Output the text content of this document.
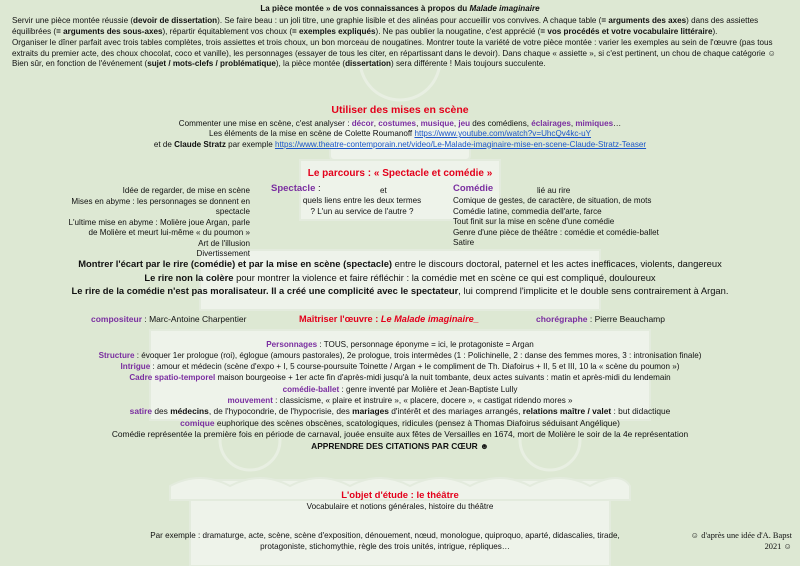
La pièce montée » de vos connaissances à propos du Malade imaginaire

Servir une pièce montée réussie (devoir de dissertation). Se faire beau : un joli titre, une graphie lisible et des alinéas pour accueillir vos convives. A chaque table (= arguments des axes) dans des assiettes équilibrées (= arguments des sous-axes), répartir équitablement vos choux (= exemples expliqués). Ne pas oublier la nougatine, c'est apprécié (= vos procédés et votre vocabulaire littéraire).

Organiser le dîner parfait avec trois tables complètes, trois assiettes et trois choux, un bon morceau de nougatines. Montrer toute la variété de votre pièce montée : varier les exemples au sein de l'œuvre (pas tous extraits du premier acte, des choux chocolat, coco et vanille), les personnages (essayer de tous les citer, en répartissant dans le devoir). Dans chaque « assiette », si c'est pertinent, un chou de chaque catégorie ☺ Bien sûr, en fonction de l'événement (sujet / mots-clefs / problématique), la pièce montée (dissertation) sera différente ! Mais toujours succulente.

Utiliser des mises en scène
Commenter une mise en scène, c'est analyser : décor, costumes, musique, jeu des comédiens, éclairages, mimiques…
Les éléments de la mise en scène de Colette Roumanoff https://www.youtube.com/watch?v=UhcQv4kc-uY
et de Claude Stratz par exemple https://www.theatre-contemporain.net/video/Le-Malade-imaginaire-mise-en-scene-Claude-Stratz-Teaser
Le parcours : « Spectacle et comédie »
Idée de regarder, de mise en scène
Mises en abyme : les personnages se donnent en spectacle
L'ultime mise en abyme : Molière joue Argan, parle de Molière et meurt lui-même « du poumon »
Art de l'illusion
Divertissement
Spectacle :	et
quels liens entre les deux termes ? L'un au service de l'autre ?
Comédie	lié au rire
Comique de gestes, de caractère, de situation, de mots
Comédie latine, commedia dell'arte, farce
Tout finit sur la mise en scène d'une comédie
Genre d'une pièce de théâtre : comédie et comédie-ballet
Satire
Montrer l'écart par le rire (comédie) et par la mise en scène (spectacle) entre le discours doctoral, paternel et les actes inefficaces, violents, dangereux
Le rire non la colère pour montrer la violence et faire réfléchir : la comédie met en scène ce qui est compliqué, douloureux
Le rire de la comédie n'est pas moralisateur. Il a créé une complicité avec le spectateur, lui comprend l'implicite et le double sens contrairement à Argan.
compositeur : Marc-Antoine Charpentier	Maîtriser l'œuvre : Le Malade imaginaire_	chorégraphe : Pierre Beauchamp
Personnages : TOUS, personnage éponyme = ici, le protagoniste = Argan
Structure : évoquer 1er prologue (roi), églogue (amours pastorales), 2e prologue, trois intermèdes (1 : Polichinelle, 2 : danse des femmes mores, 3 : intronisation finale)
Intrigue : amour et médecin (scène d'expo + I, 5 course-poursuite Toinette / Argan + le compliment de Th. Diafoirus + II, 5 et III, 10 la « scène du poumon »)
Cadre spatio-temporel maison bourgeoise + 1er acte fin d'après-midi jusqu'à la nuit tombante, deux actes suivants : matin et après-midi du lendemain
comédie-ballet : genre inventé par Molière et Jean-Baptiste Lully
mouvement : classicisme, « plaire et instruire », « placere, docere », « castigat ridendo mores »
satire des médecins, de l'hypocondrie, de l'hypocrisie, des mariages d'intérêt et des mariages arrangés, relations maître / valet : but didactique
comique euphorique des scènes obscènes, scatologiques, ridicules (pensez à Thomas Diafoirus séduisant Angélique)
Comédie représentée la première fois en période de carnaval, jouée ensuite aux fêtes de Versailles en 1674, mort de Molière le soir de la 4e représentation
APPRENDRE DES CITATIONS PAR CŒUR ☻
L'objet d'étude : le théâtre
Vocabulaire et notions générales, histoire du théâtre
Par exemple : dramaturge, acte, scène, scène d'exposition, dénouement, nœud, monologue, quiproquo, aparté, didascalies, tirade, protagoniste, stichomythie, règle des trois unités, intrigue, répliques…
☺ d'après une idée d'A. Bapst
2021 ☺
